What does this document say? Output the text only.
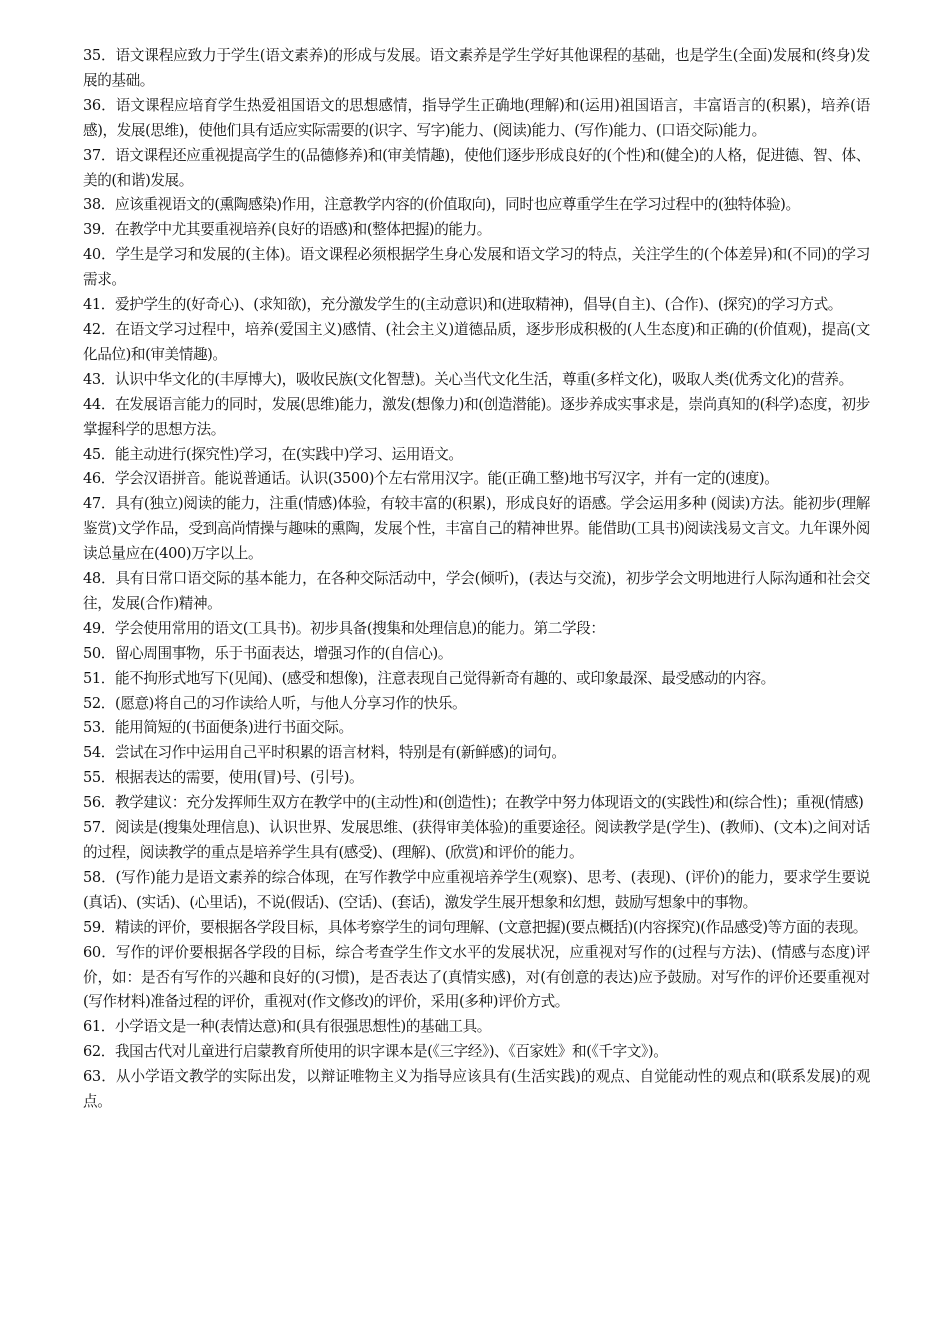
35．语文课程应致力于学生(语文素养)的形成与发展。语文素养是学生学好其他课程的基础，也是学生(全面)发展和(终身)发展的基础。

36．语文课程应培育学生热爱祖国语文的思想感情，指导学生正确地(理解)和(运用)祖国语言，丰富语言的(积累)，培养(语感)，发展(思维)，使他们具有适应实际需要的(识字、写字)能力、(阅读)能力、(写作)能力、(口语交际)能力。

37．语文课程还应重视提高学生的(品德修养)和(审美情趣)，使他们逐步形成良好的(个性)和(健全)的人格，促进德、智、体、美的(和谐)发展。

38．应该重视语文的(熏陶感染)作用，注意教学内容的(价值取向)，同时也应尊重学生在学习过程中的(独特体验)。

39．在教学中尤其要重视培养(良好的语感)和(整体把握)的能力。

40．学生是学习和发展的(主体)。语文课程必须根据学生身心发展和语文学习的特点，关注学生的(个体差异)和(不同)的学习需求。

41．爱护学生的(好奇心)、(求知欲)，充分激发学生的(主动意识)和(进取精神)，倡导(自主)、(合作)、(探究)的学习方式。

42．在语文学习过程中，培养(爱国主义)感情、(社会主义)道德品质，逐步形成积极的(人生态度)和正确的(价值观)，提高(文化品位)和(审美情趣)。

43．认识中华文化的(丰厚博大)，吸收民族(文化智慧)。关心当代文化生活，尊重(多样文化)，吸取人类(优秀文化)的营养。

44．在发展语言能力的同时，发展(思维)能力，激发(想像力)和(创造潜能)。逐步养成实事求是，崇尚真知的(科学)态度，初步掌握科学的思想方法。

45．能主动进行(探究性)学习，在(实践中)学习、运用语文。

46．学会汉语拼音。能说普通话。认识(3500)个左右常用汉字。能(正确工整)地书写汉字，并有一定的(速度)。

47．具有(独立)阅读的能力，注重(情感)体验，有较丰富的(积累)，形成良好的语感。学会运用多种 (阅读)方法。能初步(理解鉴赏)文学作品，受到高尚情操与趣味的熏陶，发展个性，丰富自己的精神世界。能借助(工具书)阅读浅易文言文。九年课外阅读总量应在(400)万字以上。

48．具有日常口语交际的基本能力，在各种交际活动中，学会(倾听)，(表达与交流)，初步学会文明地进行人际沟通和社会交往，发展(合作)精神。

49．学会使用常用的语文(工具书)。初步具备(搜集和处理信息)的能力。第二学段：

50．留心周围事物，乐于书面表达，增强习作的(自信心)。

51．能不拘形式地写下(见闻)、(感受和想像)，注意表现自己觉得新奇有趣的、或印象最深、最受感动的内容。

52．(愿意)将自己的习作读给人听，与他人分享习作的快乐。

53．能用简短的(书面便条)进行书面交际。

54．尝试在习作中运用自己平时积累的语言材料，特别是有(新鲜感)的词句。

55．根据表达的需要，使用(冒)号、(引号)。

56．教学建议：充分发挥师生双方在教学中的(主动性)和(创造性)；在教学中努力体现语文的(实践性)和(综合性)；重视(情感)

57．阅读是(搜集处理信息)、认识世界、发展思维、(获得审美体验)的重要途径。阅读教学是(学生)、(教师)、(文本)之间对话的过程，阅读教学的重点是培养学生具有(感受)、(理解)、(欣赏)和评价的能力。

58．(写作)能力是语文素养的综合体现，在写作教学中应重视培养学生(观察)、思考、(表现)、(评价)的能力，要求学生要说(真话)、(实话)、(心里话)，不说(假话)、(空话)、(套话)，激发学生展开想象和幻想，鼓励写想象中的事物。

59．精读的评价，要根据各学段目标，具体考察学生的词句理解、(文意把握)(要点概括)(内容探究)(作品感受)等方面的表现。

60．写作的评价要根据各学段的目标，综合考查学生作文水平的发展状况，应重视对写作的(过程与方法)、(情感与态度)评价，如：是否有写作的兴趣和良好的(习惯)，是否表达了(真情实感)，对(有创意的表达)应予鼓励。对写作的评价还要重视对(写作材料)准备过程的评价，重视对(作文修改)的评价，采用(多种)评价方式。

61．小学语文是一种(表情达意)和(具有很强思想性)的基础工具。

62．我国古代对儿童进行启蒙教育所使用的识字课本是(《三字经》)、《百家姓》和(《千字文》)。

63．从小学语文教学的实际出发，以辩证唯物主义为指导应该具有(生活实践)的观点、自觉能动性的观点和(联系发展)的观点。
